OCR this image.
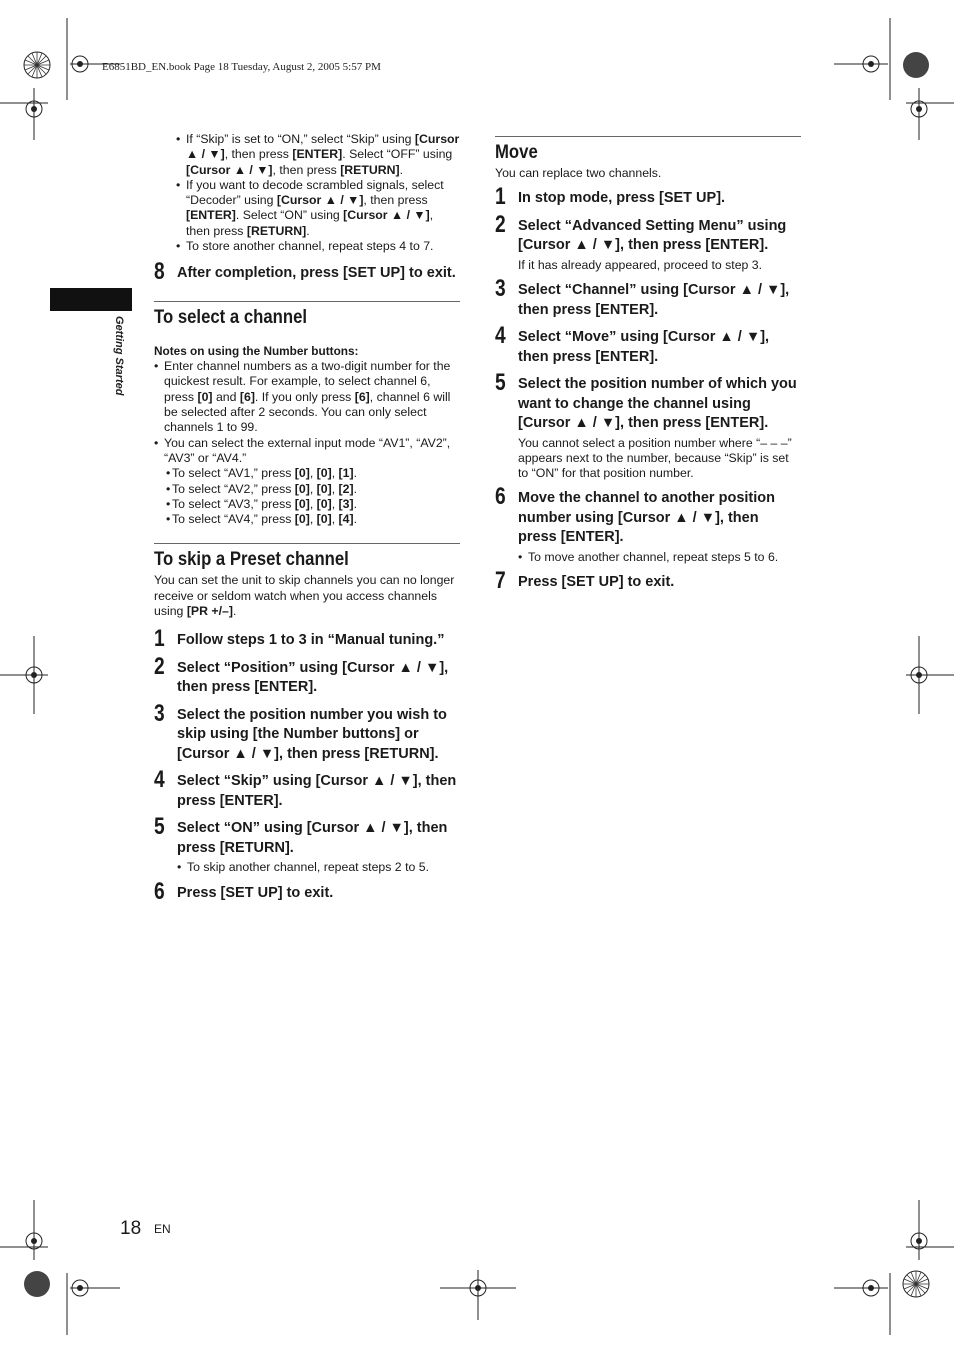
E6851BD_EN.book Page 18 Tuesday, August 2, 2005 5:57 PM
Getting Started
• If “Skip” is set to “ON,” select “Skip” using [Cursor ▲ / ▼], then press [ENTER]. Select “OFF” using [Cursor ▲ / ▼], then press [RETURN].
• If you want to decode scrambled signals, select “Decoder” using [Cursor ▲ / ▼], then press [ENTER]. Select “ON” using [Cursor ▲ / ▼], then press [RETURN].
• To store another channel, repeat steps 4 to 7.
8 After completion, press [SET UP] to exit.
To select a channel
Notes on using the Number buttons:
• Enter channel numbers as a two-digit number for the quickest result. For example, to select channel 6, press [0] and [6]. If you only press [6], channel 6 will be selected after 2 seconds. You can only select channels 1 to 99.
• You can select the external input mode “AV1”, “AV2”, “AV3” or “AV4.”
• To select “AV1,” press [0], [0], [1].
• To select “AV2,” press [0], [0], [2].
• To select “AV3,” press [0], [0], [3].
• To select “AV4,” press [0], [0], [4].
To skip a Preset channel
You can set the unit to skip channels you can no longer receive or seldom watch when you access channels using [PR +/–].
1 Follow steps 1 to 3 in “Manual tuning.”
2 Select “Position” using [Cursor ▲ / ▼], then press [ENTER].
3 Select the position number you wish to skip using [the Number buttons] or [Cursor ▲ / ▼], then press [RETURN].
4 Select “Skip” using [Cursor ▲ / ▼], then press [ENTER].
5 Select “ON” using [Cursor ▲ / ▼], then press [RETURN].
• To skip another channel, repeat steps 2 to 5.
6 Press [SET UP] to exit.
Move
You can replace two channels.
1 In stop mode, press [SET UP].
2 Select “Advanced Setting Menu” using [Cursor ▲ / ▼], then press [ENTER].
If it has already appeared, proceed to step 3.
3 Select “Channel” using [Cursor ▲ / ▼], then press [ENTER].
4 Select “Move” using [Cursor ▲ / ▼], then press [ENTER].
5 Select the position number of which you want to change the channel using [Cursor ▲ / ▼], then press [ENTER].
You cannot select a position number where “– – –” appears next to the number, because “Skip” is set to “ON” for that position number.
6 Move the channel to another position number using [Cursor ▲ / ▼], then press [ENTER].
• To move another channel, repeat steps 5 to 6.
7 Press [SET UP] to exit.
18 EN
